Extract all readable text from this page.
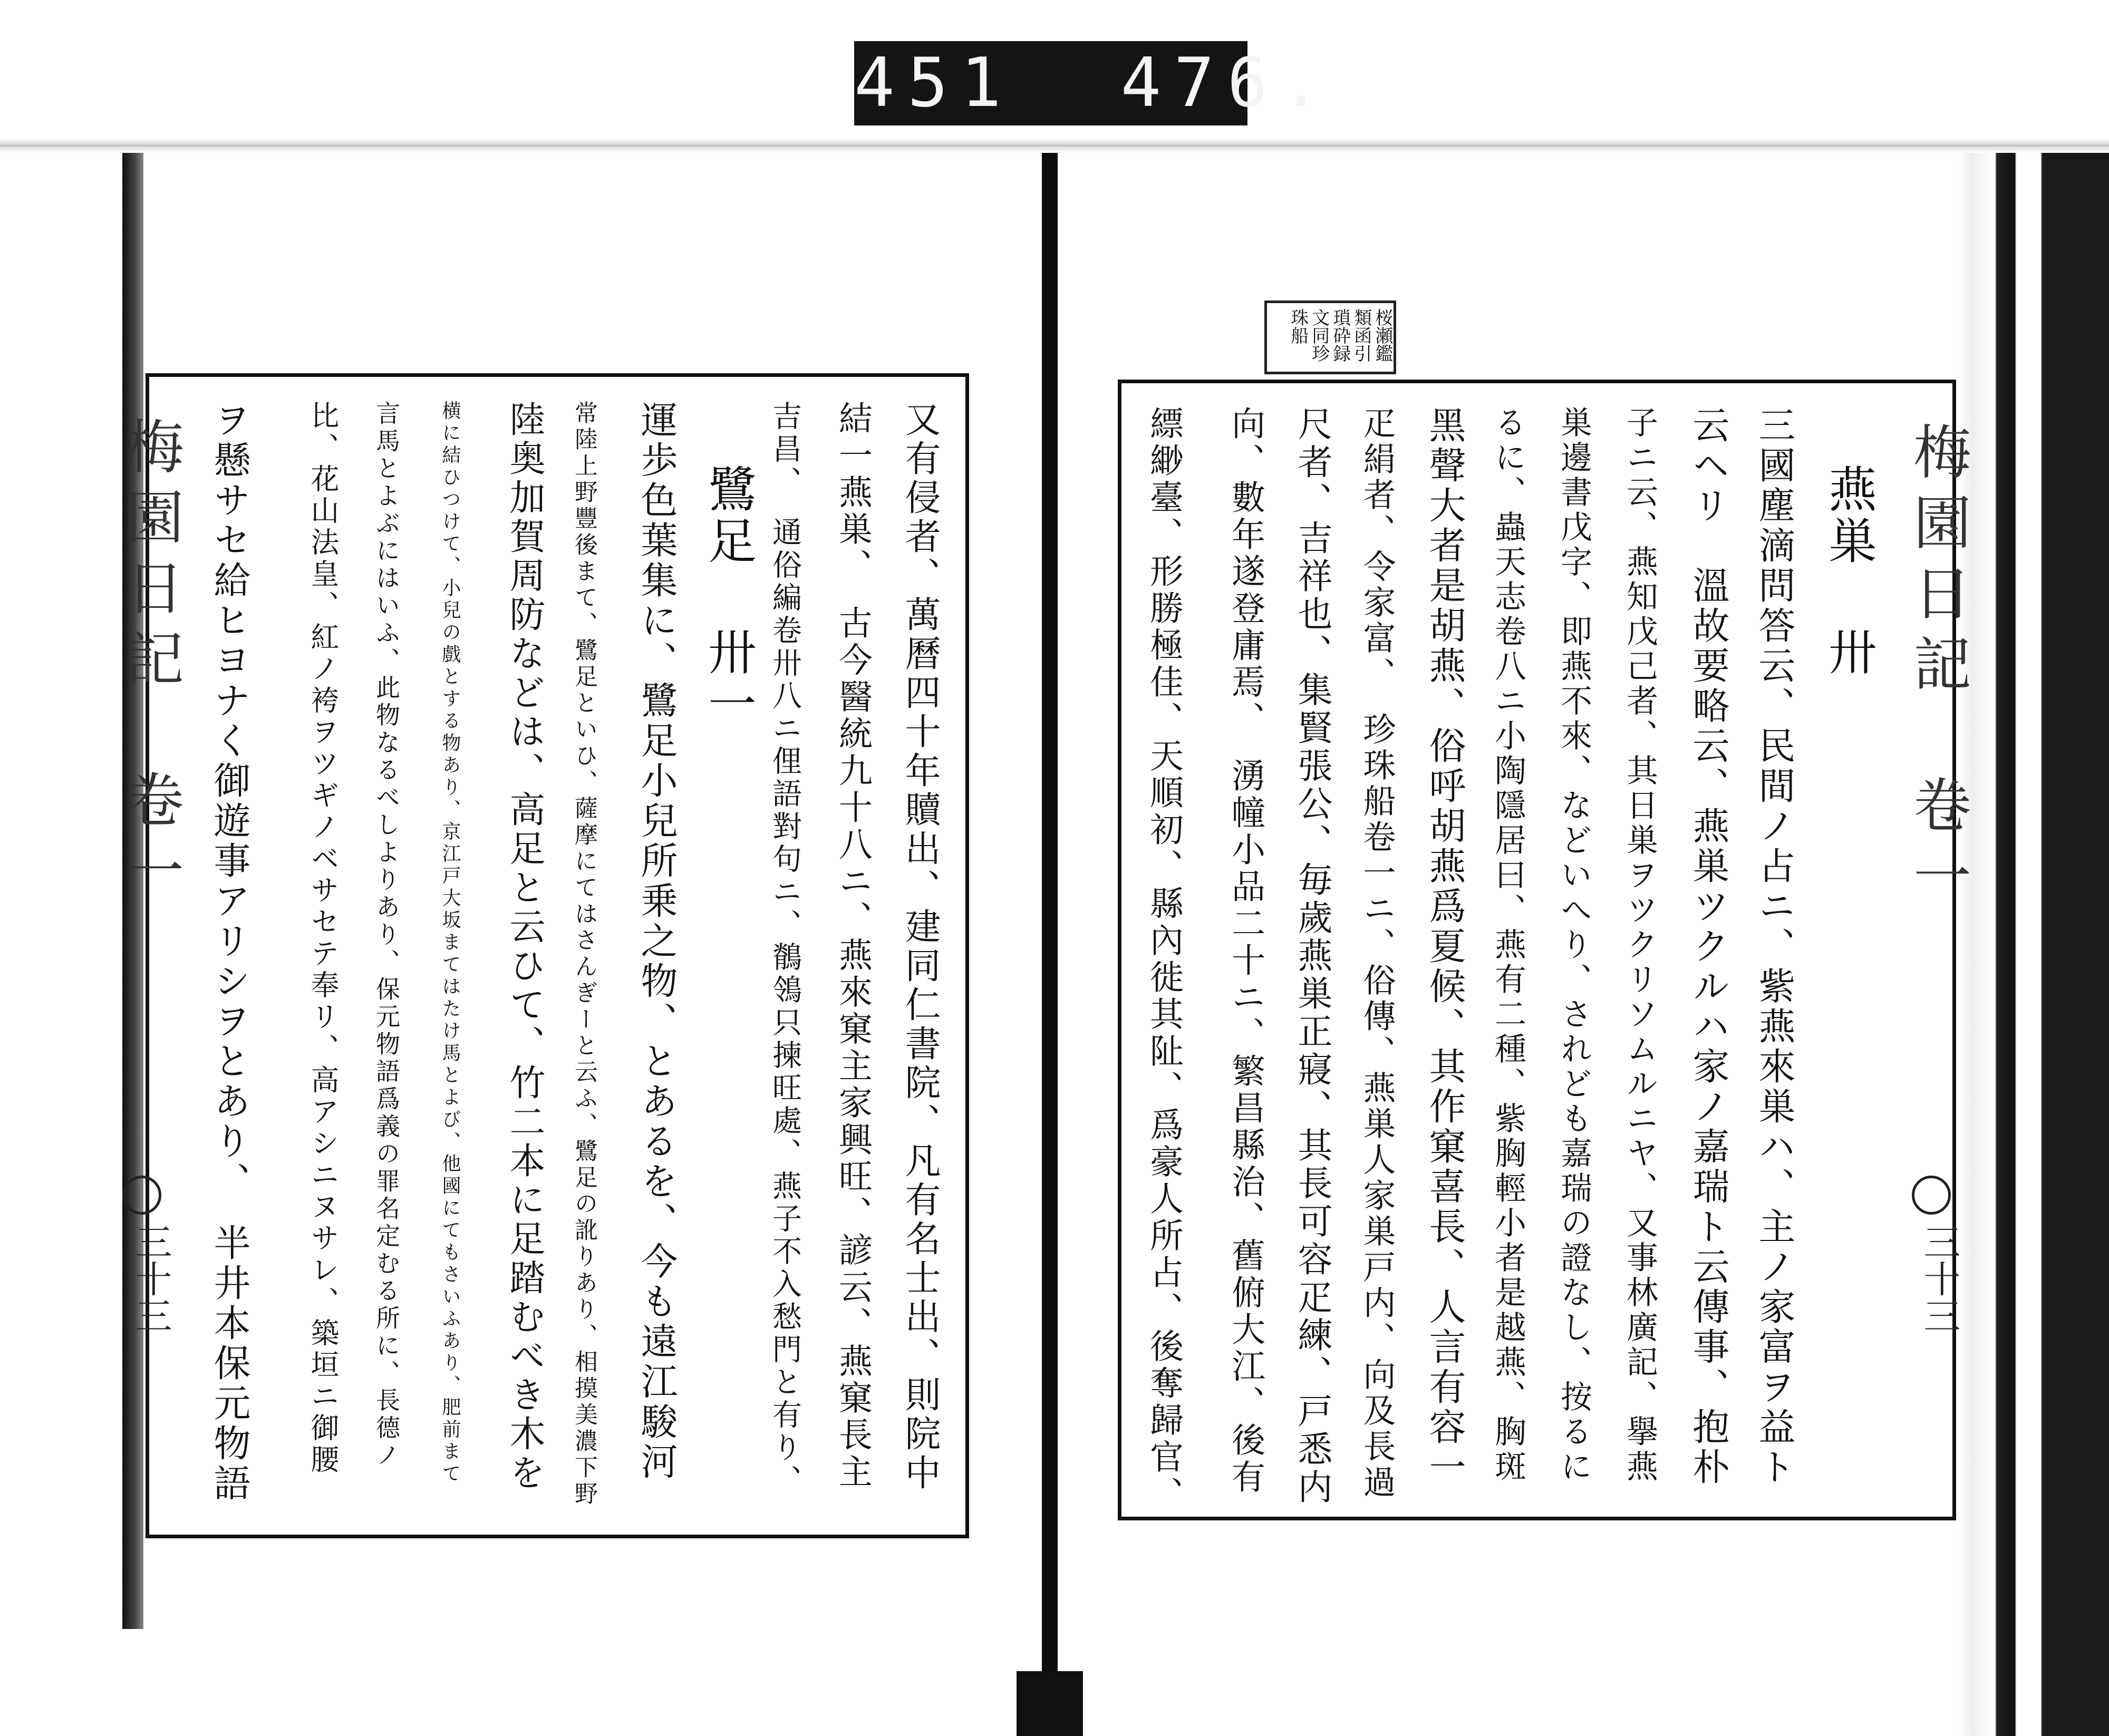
451  476.
桜瀬鑑
類函引
瑣砕録
文同珍
珠船
梅園日記　卷一
三十三
燕巣 卅
三國塵滴問答云、民間ノ占ニ、紫燕來巣ハ、主ノ家富ヲ益ト
云ヘリ　溫故要略云、燕巣ツクルハ家ノ嘉瑞ト云傳事、抱朴
子ニ云、燕知戊己者、其日巣ヲツクリソムルニヤ、又事林廣記、擧燕
巣邊書戊字、即燕不來、などいへり、されども嘉瑞の證なし、按るに
るに、蟲天志卷八ニ小陶隱居曰、燕有二種、紫胸輕小者是越燕、胸斑
黑聲大者是胡燕、俗呼胡燕爲夏候、其作窠喜長、人言有容一
疋絹者、令家富、　珍珠船卷一ニ、俗傳、燕巣人家巣戸内、向及長過
尺者、吉祥也、集賢張公、毎歲燕巣正寢、其長可容疋練、戸悉内
向、數年遂登庸焉、　湧幢小品二十ニ、繁昌縣治、舊俯大江、後有
縹緲臺、形勝極佳、天順初、縣內徙其阯、爲豪人所占、後奪歸官、
梅園日記　卷一
三十三	又有侵者、萬曆四十年贖出、建同仁書院、凡有名士出、則院中
結一燕巣、　古今醫統九十八ニ、燕來窠主家興旺、諺云、燕窠長主
吉昌、　通俗編卷卅八ニ俚語對句ニ、鶺鴒只揀旺處、燕子不入愁門と有り、
鷺足 卅一
運歩色葉集に、鷺足小兒所乗之物、とあるを、今も遠江駿河
常陸上野豐後まて、鷺足といひ、薩摩にてはさんぎーと云ふ、鷺足の訛りあり、相摸美濃下野
陸奥加賀周防などは、高足と云ひて、竹二本に足踏むべき木を
横に結ひつけて、小兒の戲とする物あり、京江戸大坂まてはたけ馬とよび、他國にてもさいふあり、肥前まて
言馬とよぶにはいふ、此物なるべしよりあり、保元物語爲義の罪名定むる所に、長德ノ
比、花山法皇、紅ノ袴ヲツギノベサセテ奉リ、高アシニヌサレ、築垣ニ御腰
ヲ懸サセ給ヒヨナく御遊事アリシヲとあり、　半井本保元物語
